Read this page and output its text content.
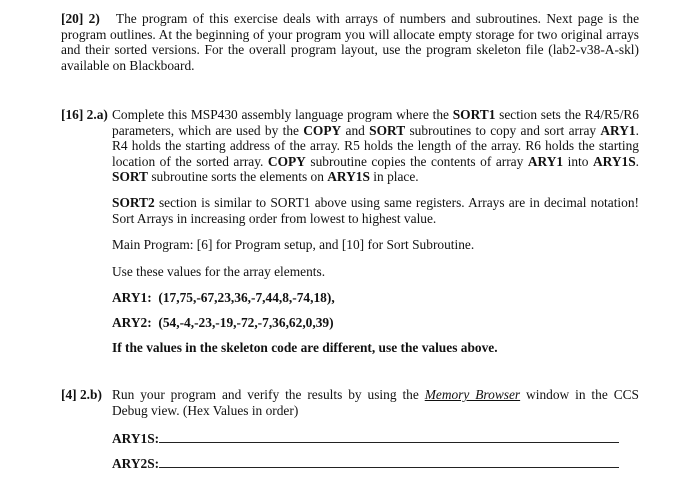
[20] 2) The program of this exercise deals with arrays of numbers and subroutines. Next page is the program outlines. At the beginning of your program you will allocate empty storage for two original arrays and their sorted versions. For the overall program layout, use the program skeleton file (lab2-v38-A-skl) available on Blackboard.

[16] 2.a) Complete this MSP430 assembly language program where the SORT1 section sets the R4/R5/R6 parameters, which are used by the COPY and SORT subroutines to copy and sort array ARY1. R4 holds the starting address of the array. R5 holds the length of the array. R6 holds the starting location of the sorted array. COPY subroutine copies the contents of array ARY1 into ARY1S. SORT subroutine sorts the elements on ARY1S in place.

SORT2 section is similar to SORT1 above using same registers. Arrays are in decimal notation! Sort Arrays in increasing order from lowest to highest value.

Main Program: [6] for Program setup, and [10] for Sort Subroutine.

Use these values for the array elements.

ARY1:  (17,75,-67,23,36,-7,44,8,-74,18),

ARY2:  (54,-4,-23,-19,-72,-7,36,62,0,39)

If the values in the skeleton code are different, use the values above.

[4] 2.b) Run your program and verify the results by using the Memory Browser window in the CCS Debug view. (Hex Values in order)

ARY1S:
ARY2S:
